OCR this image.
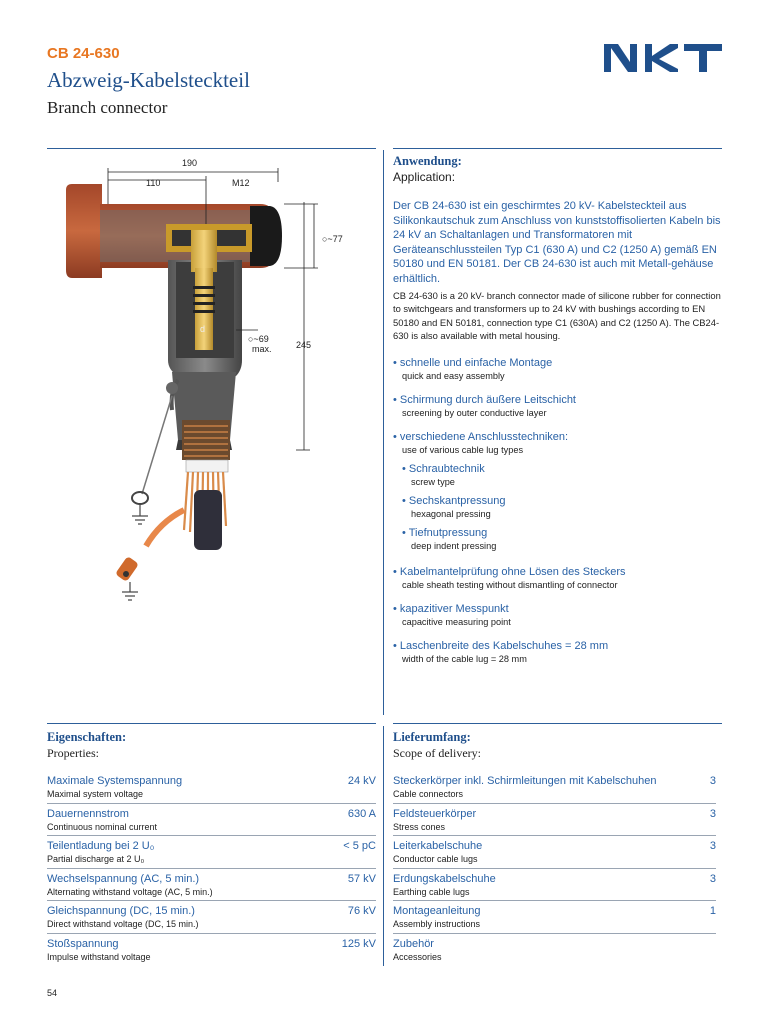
CB 24-630
Abzweig-Kabelsteckteil
Branch connector
NKT
190
110	M12
○~77
○~69
max.	245
d
Anwendung:
Application:
Der CB 24-630 ist ein geschirmtes 20 kV- Kabelsteckteil aus Silikonkautschuk zum Anschluss von kunststoffisolierten Kabeln bis 24 kV an Schaltanlagen und Transformatoren mit Geräteanschlussteilen Typ C1 (630 A) und C2 (1250 A) gemäß EN 50180 und EN 50181. Der CB 24-630 ist auch mit Metall-gehäuse erhältlich.
CB 24-630 is a 20 kV- branch connector made of silicone rubber for connection to switchgears and transformers up to 24 kV with bushings according to EN 50180 and EN 50181, connection type C1 (630A) and C2 (1250 A). The CB24-630 is also available with metal housing.
• schnelle und einfache Montage
quick and easy assembly
• Schirmung durch äußere Leitschicht
screening by outer conductive layer
• verschiedene Anschlusstechniken:
use of various cable lug types
• Schraubtechnik
screw type
• Sechskantpressung
hexagonal pressing
• Tiefnutpressung
deep indent pressing
• Kabelmantelprüfung ohne Lösen des Steckers
cable sheath testing without dismantling of connector
• kapazitiver Messpunkt
capacitive measuring point
• Laschenbreite des Kabelschuhes = 28 mm
width of the cable lug = 28 mm
Eigenschaften:
Properties:
Maximale Systemspannung
Maximal system voltage
24 kV
Dauernennstrom
Continuous nominal current
630 A
Teilentladung bei 2 U₀
Partial discharge at 2 U₀
< 5 pC
Wechselspannung (AC, 5 min.)
Alternating withstand voltage (AC, 5 min.)
57 kV
Gleichspannung (DC, 15 min.)
Direct withstand voltage (DC, 15 min.)
76 kV
Stoßspannung
Impulse withstand voltage
125 kV
Lieferumfang:
Scope of delivery:
Steckerkörper inkl. Schirmleitungen mit Kabelschuhen
Cable connectors
3
Feldsteuerkörper
Stress cones
3
Leiterkabelschuhe
Conductor cable lugs
3
Erdungskabelschuhe
Earthing cable lugs
3
Montageanleitung
Assembly instructions
1
Zubehör
Accessories
54
